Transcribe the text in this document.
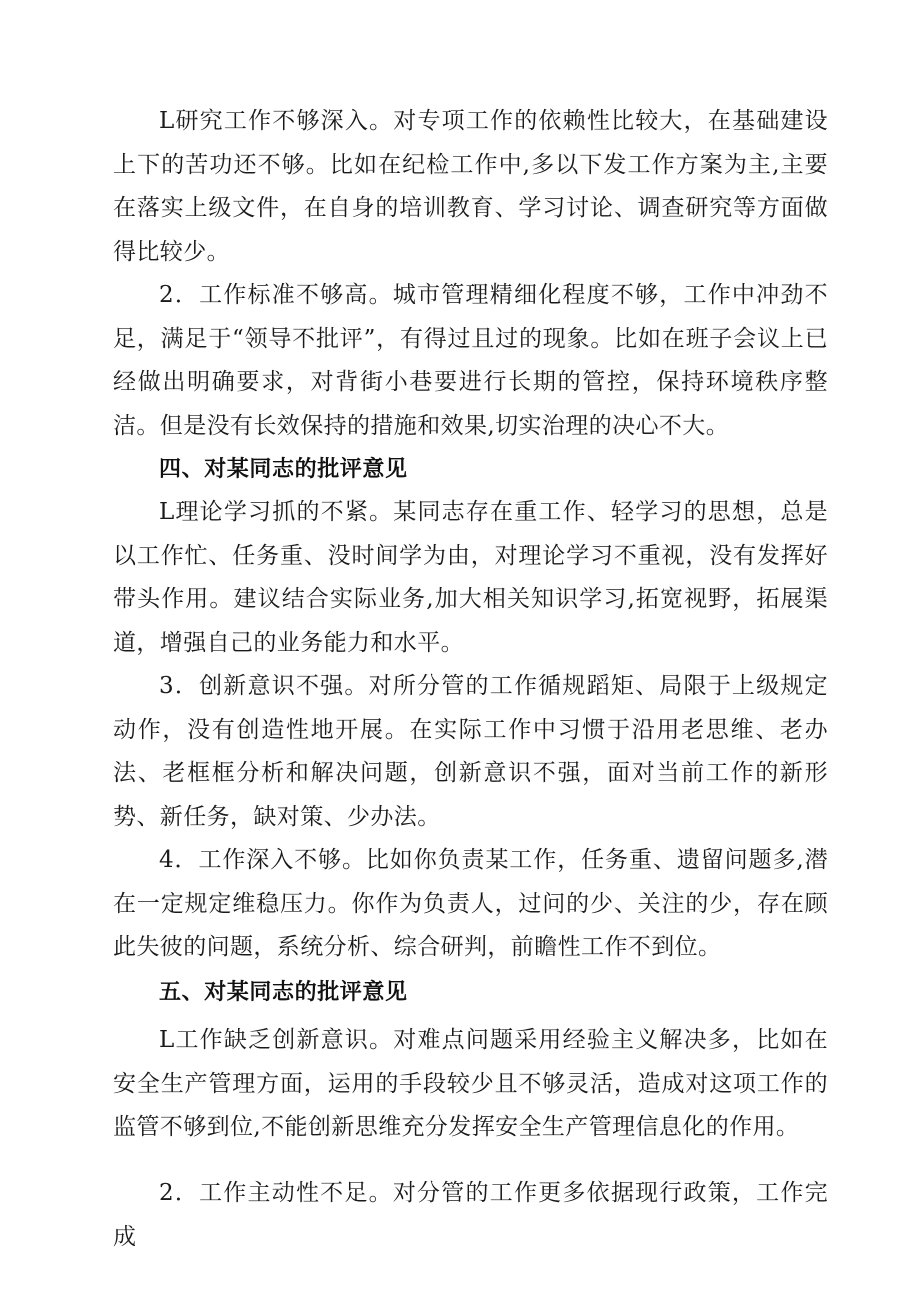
L研究工作不够深入。对专项工作的依赖性比较大，在基础建设上下的苦功还不够。比如在纪检工作中,多以下发工作方案为主,主要在落实上级文件，在自身的培训教育、学习讨论、调查研究等方面做得比较少。

2．工作标准不够高。城市管理精细化程度不够，工作中冲劲不足，满足于“领导不批评”，有得过且过的现象。比如在班子会议上已经做出明确要求，对背街小巷要进行长期的管控，保持环境秩序整洁。但是没有长效保持的措施和效果,切实治理的决心不大。

四、对某同志的批评意见

L理论学习抓的不紧。某同志存在重工作、轻学习的思想，总是以工作忙、任务重、没时间学为由，对理论学习不重视，没有发挥好带头作用。建议结合实际业务,加大相关知识学习,拓宽视野，拓展渠道，增强自己的业务能力和水平。

3．创新意识不强。对所分管的工作循规蹈矩、局限于上级规定动作，没有创造性地开展。在实际工作中习惯于沿用老思维、老办法、老框框分析和解决问题，创新意识不强，面对当前工作的新形势、新任务，缺对策、少办法。

4．工作深入不够。比如你负责某工作，任务重、遗留问题多,潜在一定规定维稳压力。你作为负责人，过问的少、关注的少，存在顾此失彼的问题，系统分析、综合研判，前瞻性工作不到位。

五、对某同志的批评意见

L工作缺乏创新意识。对难点问题采用经验主义解决多，比如在安全生产管理方面，运用的手段较少且不够灵活，造成对这项工作的监管不够到位,不能创新思维充分发挥安全生产管理信息化的作用。

2．工作主动性不足。对分管的工作更多依据现行政策，工作完成
